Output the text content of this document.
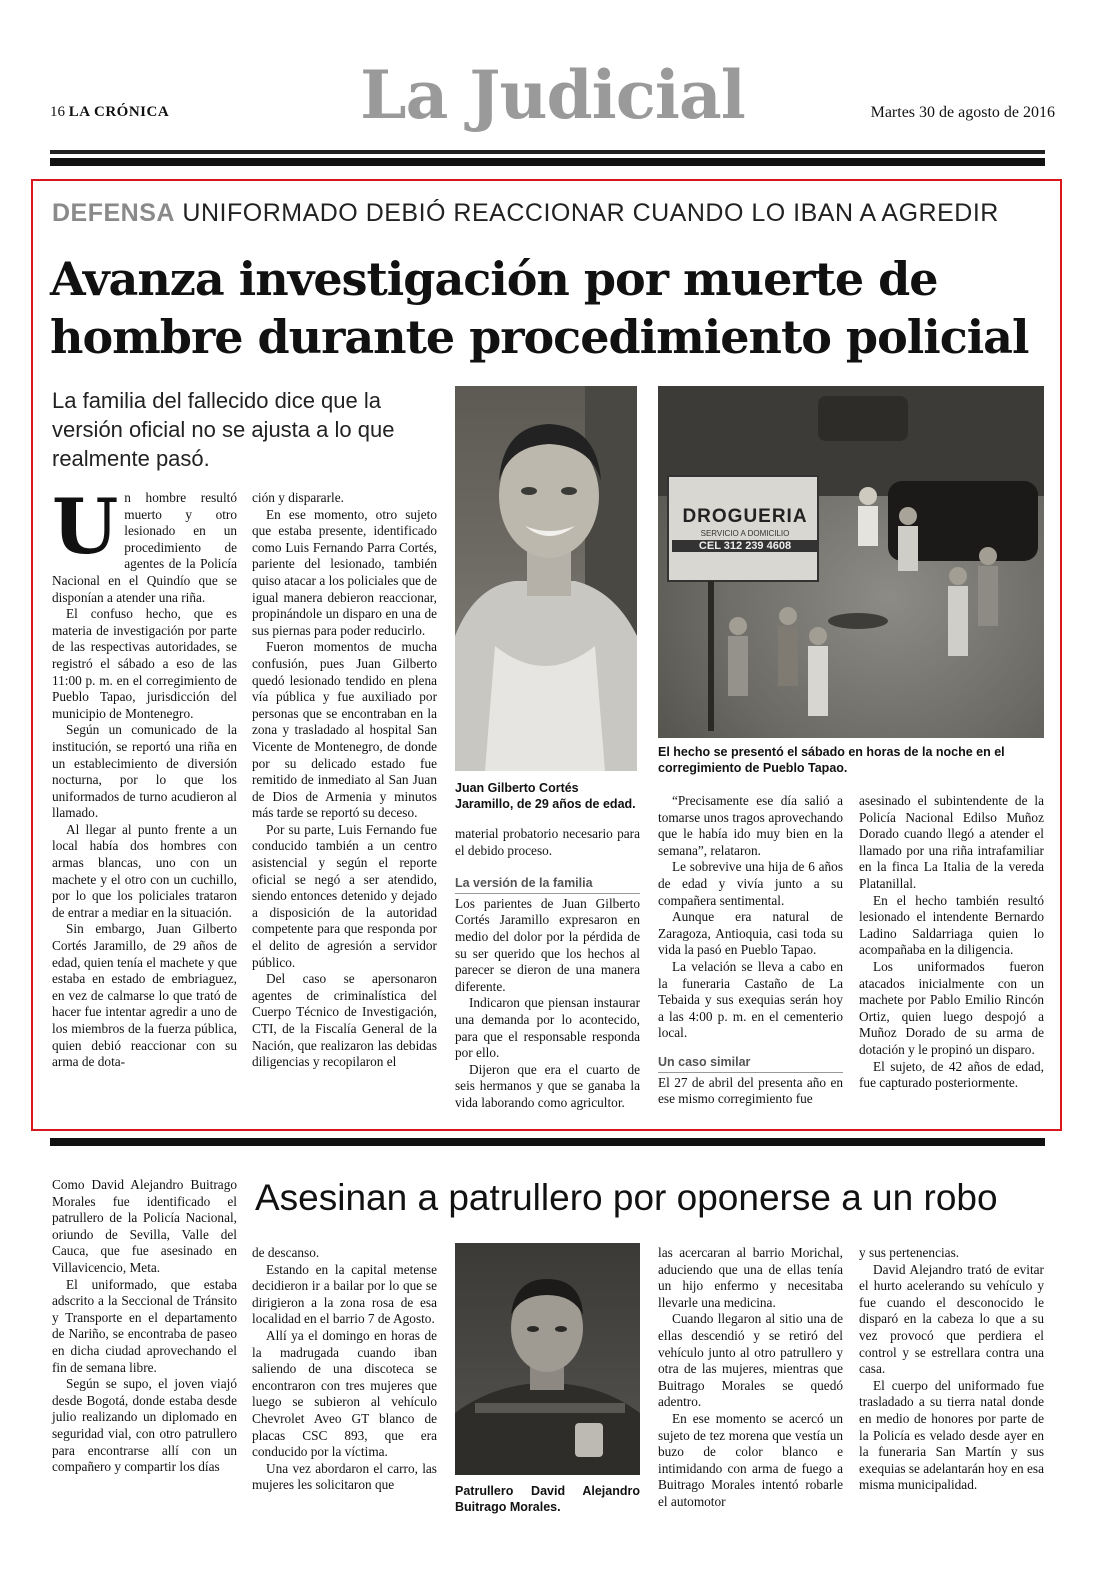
16 LA CRÓNICA	La Judicial	Martes 30 de agosto de 2016
DEFENSA UNIFORMADO DEBIÓ REACCIONAR CUANDO LO IBAN A AGREDIR
Avanza investigación por muerte de
hombre durante procedimiento policial
La familia del fallecido dice que la versión oficial no se ajusta a lo que realmente pasó.

Un hombre resultó muerto y otro lesionado en un procedimiento de agentes de la Policía Nacional en el Quindío que se disponían a atender una riña.

El confuso hecho, que es materia de investigación por parte de las respectivas autoridades, se registró el sábado a eso de las 11:00 p. m. en el corregimiento de Pueblo Tapao, jurisdicción del municipio de Montenegro.

Según un comunicado de la institución, se reportó una riña en un establecimiento de diversión nocturna, por lo que los uniformados de turno acudieron al llamado.

Al llegar al punto frente a un local había dos hombres con armas blancas, uno con un machete y el otro con un cuchillo, por lo que los policiales trataron de entrar a mediar en la situación.

Sin embargo, Juan Gilberto Cortés Jaramillo, de 29 años de edad, quien tenía el machete y que estaba en estado de embriaguez, en vez de calmarse lo que trató de hacer fue intentar agredir a uno de los miembros de la fuerza pública, quien debió reaccionar con su arma de dota-

ción y dispararle.

En ese momento, otro sujeto que estaba presente, identificado como Luis Fernando Parra Cortés, pariente del lesionado, también quiso atacar a los policiales que de igual manera debieron reaccionar, propinándole un disparo en una de sus piernas para poder reducirlo.

Fueron momentos de mucha confusión, pues Juan Gilberto quedó lesionado tendido en plena vía pública y fue auxiliado por personas que se encontraban en la zona y trasladado al hospital San Vicente de Montenegro, de donde por su delicado estado fue remitido de inmediato al San Juan de Dios de Armenia y minutos más tarde se reportó su deceso.

Por su parte, Luis Fernando fue conducido también a un centro asistencial y según el reporte oficial se negó a ser atendido, siendo entonces detenido y dejado a disposición de la autoridad competente para que responda por el delito de agresión a servidor público.

Del caso se apersonaron agentes de criminalística del Cuerpo Técnico de Investigación, CTI, de la Fiscalía General de la Nación, que realizaron las debidas diligencias y recopilaron el

Juan Gilberto Cortés Jaramillo, de 29 años de edad.
DROGUERIA
SERVICIO A DOMICILIO
CEL 312 239 4608
El hecho se presentó el sábado en horas de la noche en el corregimiento de Pueblo Tapao.

material probatorio necesario para el debido proceso.

La versión de la familia

Los parientes de Juan Gilberto Cortés Jaramillo expresaron en medio del dolor por la pérdida de su ser querido que los hechos al parecer se dieron de una manera diferente.

Indicaron que piensan instaurar una demanda por lo acontecido, para que el responsable responda por ello.

Dijeron que era el cuarto de seis hermanos y que se ganaba la vida laborando como agricultor.

“Precisamente ese día salió a tomarse unos tragos aprovechando que le había ido muy bien en la semana”, relataron.

Le sobrevive una hija de 6 años de edad y vivía junto a su compañera sentimental.

Aunque era natural de Zaragoza, Antioquia, casi toda su vida la pasó en Pueblo Tapao.

La velación se lleva a cabo en la funeraria Castaño de La Tebaida y sus exequias serán hoy a las 4:00 p. m. en el cementerio local.

Un caso similar

El 27 de abril del presenta año en ese mismo corregimiento fue

asesinado el subintendente de la Policía Nacional Edilso Muñoz Dorado cuando llegó a atender el llamado por una riña intrafamiliar en la finca La Italia de la vereda Platanillal.

En el hecho también resultó lesionado el intendente Bernardo Ladino Saldarriaga quien lo acompañaba en la diligencia.

Los uniformados fueron atacados inicialmente con un machete por Pablo Emilio Rincón Ortiz, quien luego despojó a Muñoz Dorado de su arma de dotación y le propinó un disparo.

El sujeto, de 42 años de edad, fue capturado posteriormente.

Como David Alejandro Buitrago Morales fue identificado el patrullero de la Policía Nacional, oriundo de Sevilla, Valle del Cauca, que fue asesinado en Villavicencio, Meta.

El uniformado, que estaba adscrito a la Seccional de Tránsito y Transporte en el departamento de Nariño, se encontraba de paseo en dicha ciudad aprovechando el fin de semana libre.

Según se supo, el joven viajó desde Bogotá, donde estaba desde julio realizando un diplomado en seguridad vial, con otro patrullero para encontrarse allí con un compañero y compartir los días

Asesinan a patrullero por oponerse a un robo

de descanso.

Estando en la capital metense decidieron ir a bailar por lo que se dirigieron a la zona rosa de esa localidad en el barrio 7 de Agosto.

Allí ya el domingo en horas de la madrugada cuando iban saliendo de una discoteca se encontraron con tres mujeres que luego se subieron al vehículo Chevrolet Aveo GT blanco de placas CSC 893, que era conducido por la víctima.

Una vez abordaron el carro, las mujeres les solicitaron que	Patrullero David Alejandro Buitrago Morales.

las acercaran al barrio Morichal, aduciendo que una de ellas tenía un hijo enfermo y necesitaba llevarle una medicina.

Cuando llegaron al sitio una de ellas descendió y se retiró del vehículo junto al otro patrullero y otra de las mujeres, mientras que Buitrago Morales se quedó adentro.

En ese momento se acercó un sujeto de tez morena que vestía un buzo de color blanco e intimidando con arma de fuego a Buitrago Morales intentó robarle el automotor

y sus pertenencias.

David Alejandro trató de evitar el hurto acelerando su vehículo y fue cuando el desconocido le disparó en la cabeza lo que a su vez provocó que perdiera el control y se estrellara contra una casa.

El cuerpo del uniformado fue trasladado a su tierra natal donde en medio de honores por parte de la Policía es velado desde ayer en la funeraria San Martín y sus exequias se adelantarán hoy en esa misma municipalidad.
